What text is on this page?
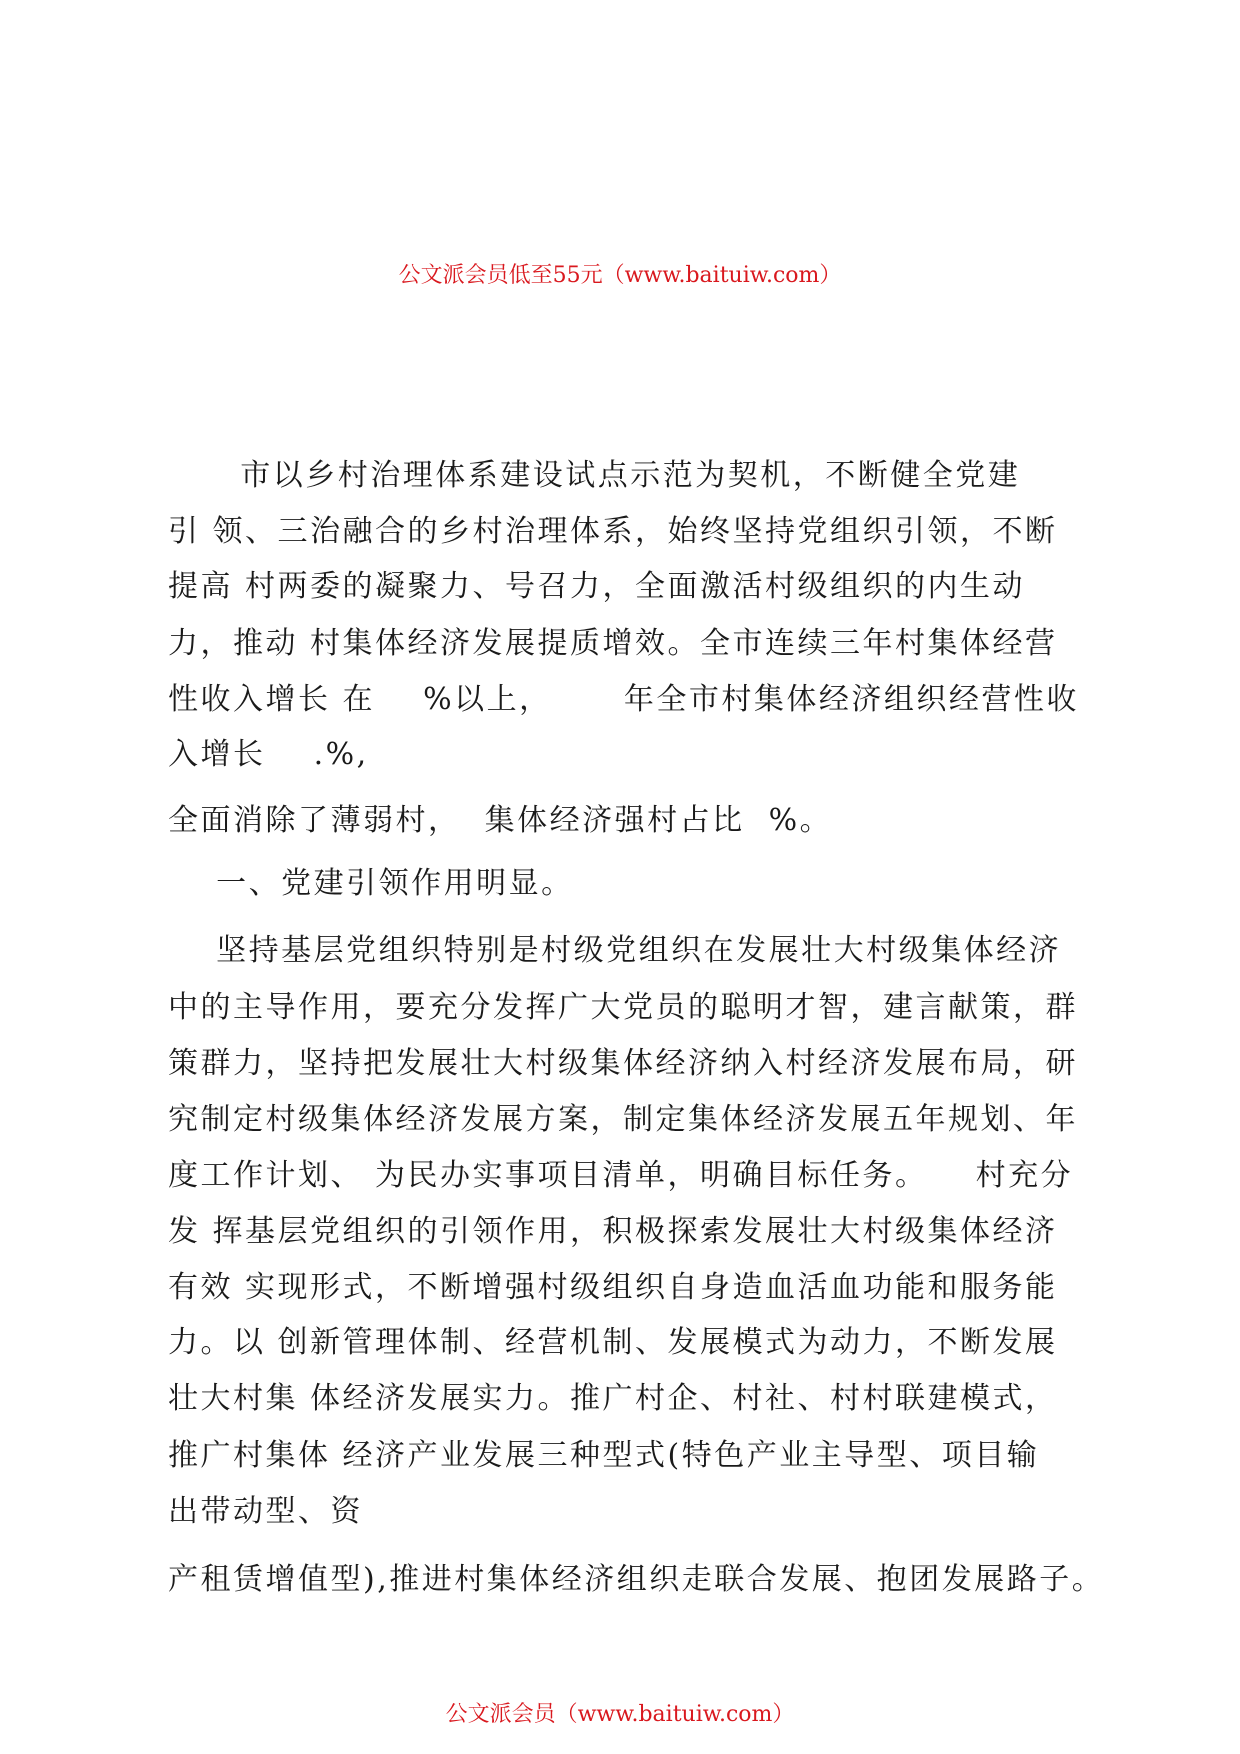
公文派会员低至55元（www.baituiw.com）
市以乡村治理体系建设试点示范为契机，不断健全党建
引 领、三治融合的乡村治理体系，始终坚持党组织引领，不断
提高 村两委的凝聚力、号召力，全面激活村级组织的内生动
力，推动 村集体经济发展提质增效。全市连续三年村集体经营
性收入增长 在    %以上，      年全市村集体经济组织经营性收
入增长    .%,
全面消除了薄弱村，  集体经济强村占比  %。
一、党建引领作用明显。
坚持基层党组织特别是村级党组织在发展壮大村级集体经济
中的主导作用，要充分发挥广大党员的聪明才智，建言献策，群
策群力，坚持把发展壮大村级集体经济纳入村经济发展布局，研
究制定村级集体经济发展方案，制定集体经济发展五年规划、年
度工作计划、 为民办实事项目清单，明确目标任务。    村充分
发 挥基层党组织的引领作用，积极探索发展壮大村级集体经济
有效 实现形式，不断增强村级组织自身造血活血功能和服务能
力。以 创新管理体制、经营机制、发展模式为动力，不断发展
壮大村集 体经济发展实力。推广村企、村社、村村联建模式，
推广村集体 经济产业发展三种型式(特色产业主导型、项目输
出带动型、资
产租赁增值型),推进村集体经济组织走联合发展、抱团发展路子。
公文派会员（www.baituiw.com）
